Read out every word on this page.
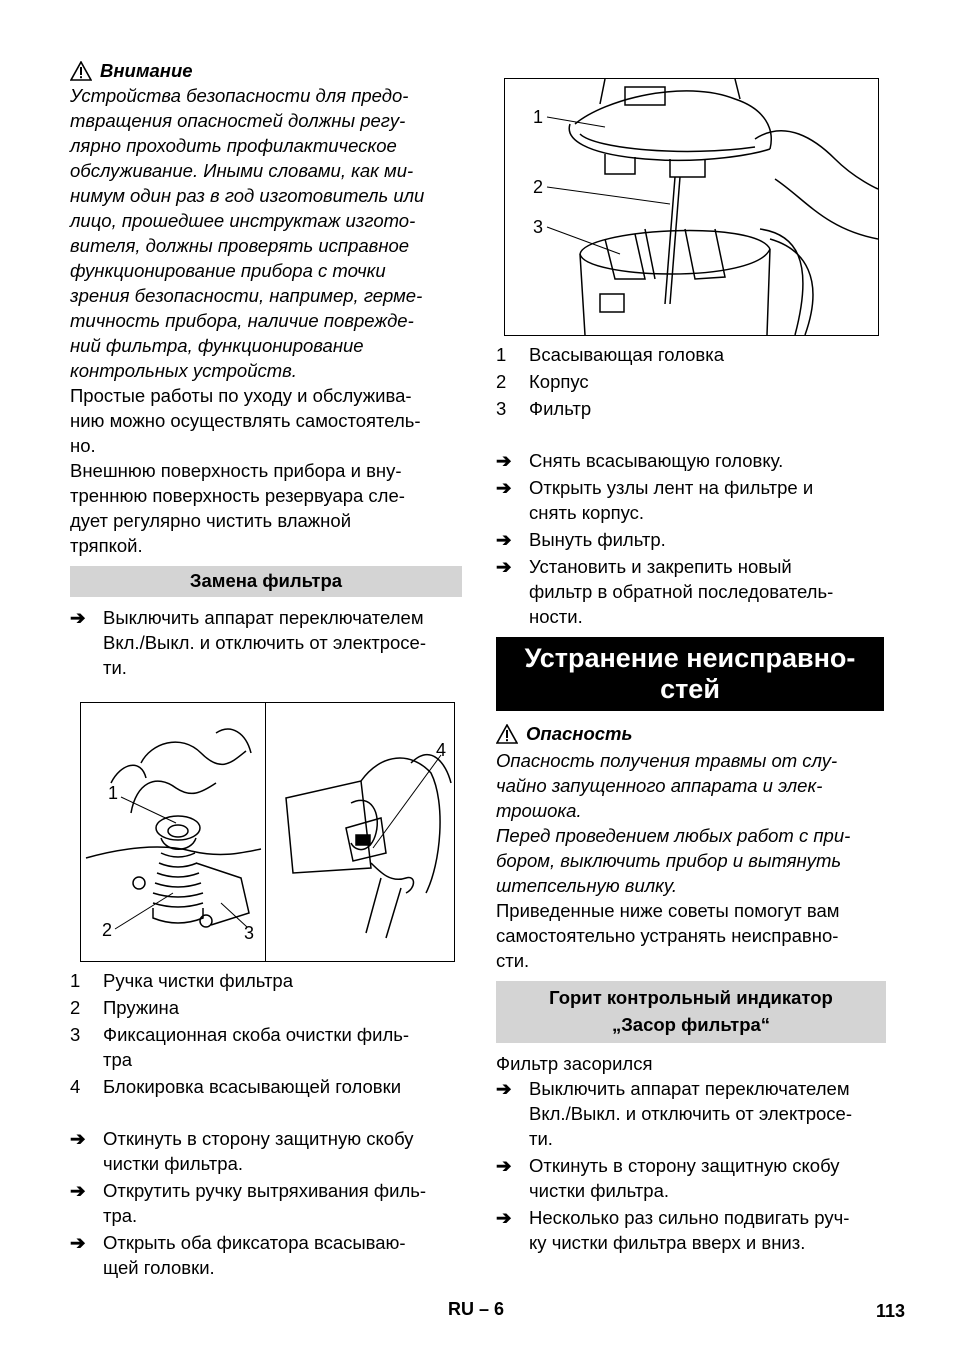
Внимание

Устройства безопасности для предо-
твращения опасностей должны регу-
лярно проходить профилактическое
обслуживание. Иными словами, как ми-
нимум один раз в год изготовитель или
лицо, прошедшее инструктаж изгото-
вителя, должны проверять исправное
функционирование прибора с точки
зрения безопасности, например, герме-
тичность прибора, наличие поврежде-
ний фильтра, функционирование
контрольных устройств.

Простые работы по уходу и обслужива-
нию можно осуществлять самостоятель-
но.

Внешнюю поверхность прибора и вну-
треннюю поверхность резервуара сле-
дует регулярно чистить влажной
тряпкой.

Замена фильтра
➔ Выключить аппарат переключателем
Вкл./Выкл. и отключить от электросе-
ти.
1
2	3
4
1	Ручка чистки фильтра
2	Пружина
3	Фиксационная скоба очистки филь-
тра
4	Блокировка всасывающей головки
➔ Откинуть в сторону защитную скобу
чистки фильтра.
➔ Открутить ручку вытряхивания филь-
тра.
➔ Открыть оба фиксатора всасываю-
щей головки.
1
2
3
1	Всасывающая головка
2	Корпус
3	Фильтр
➔ Снять всасывающую головку.
➔ Открыть узлы лент на фильтре и
снять корпус.
➔ Вынуть фильтр.
➔ Установить и закрепить новый
фильтр в обратной последователь-
ности.
Устранение неисправно-
стей
Опасность

Опасность получения травмы от слу-
чайно запущенного аппарата и элек-
трошока.

Перед проведением любых работ с при-
бором, выключить прибор и вытянуть
штепсельную вилку.

Приведенные ниже советы помогут вам
самостоятельно устранять неисправно-
сти.

Горит контрольный индикатор
„Засор фильтра“

Фильтр засорился

➔ Выключить аппарат переключателем
Вкл./Выкл. и отключить от электросе-
ти.
➔ Откинуть в сторону защитную скобу
чистки фильтра.
➔ Несколько раз сильно подвигать руч-
ку чистки фильтра вверх и вниз.
RU – 6	113
